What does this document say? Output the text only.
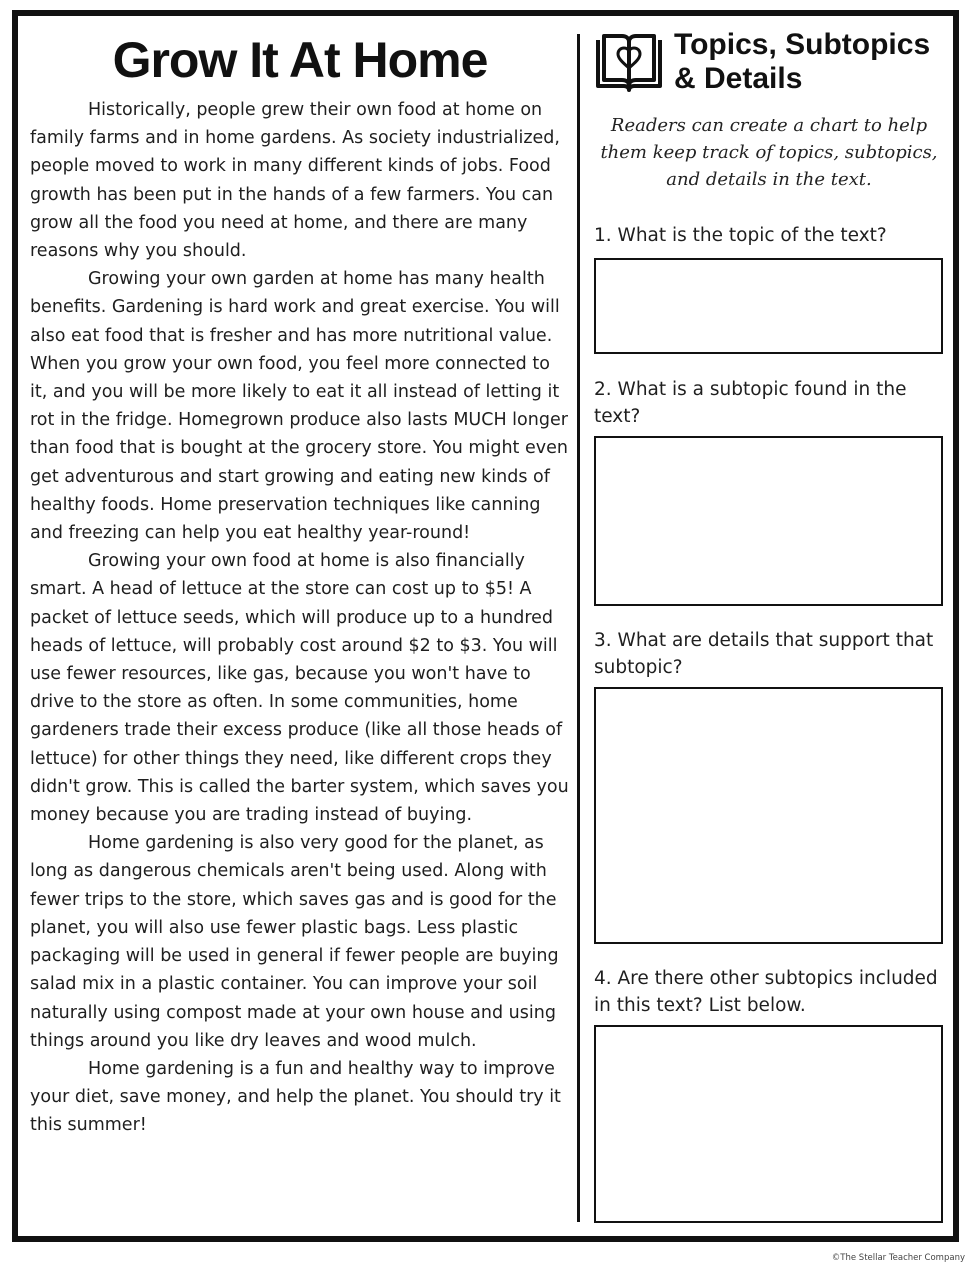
Grow It At Home

Historically, people grew their own food at home on family farms and in home gardens. As society industrialized, people moved to work in many different kinds of jobs. Food growth has been put in the hands of a few farmers. You can grow all the food you need at home, and there are many reasons why you should.

Growing your own garden at home has many health benefits. Gardening is hard work and great exercise. You will also eat food that is fresher and has more nutritional value. When you grow your own food, you feel more connected to it, and you will be more likely to eat it all instead of letting it rot in the fridge. Homegrown produce also lasts MUCH longer than food that is bought at the grocery store. You might even get adventurous and start growing and eating new kinds of healthy foods. Home preservation techniques like canning and freezing can help you eat healthy year-round!

Growing your own food at home is also financially smart. A head of lettuce at the store can cost up to $5! A packet of lettuce seeds, which will produce up to a hundred heads of lettuce, will probably cost around $2 to $3. You will use fewer resources, like gas, because you won't have to drive to the store as often. In some communities, home gardeners trade their excess produce (like all those heads of lettuce) for other things they need, like different crops they didn't grow. This is called the barter system, which saves you money because you are trading instead of buying.

Home gardening is also very good for the planet, as long as dangerous chemicals aren't being used. Along with fewer trips to the store, which saves gas and is good for the planet, you will also use fewer plastic bags. Less plastic packaging will be used in general if fewer people are buying salad mix in a plastic container. You can improve your soil naturally using compost made at your own house and using things around you like dry leaves and wood mulch.

Home gardening is a fun and healthy way to improve your diet, save money, and help the planet. You should try it this summer!

Topics, Subtopics
& Details
Readers can create a chart to help them keep track of topics, subtopics, and details in the text.
1. What is the topic of the text?
2. What is a subtopic found in the text?
3. What are details that support that subtopic?
4. Are there other subtopics included in this text? List below.
©The Stellar Teacher Company
